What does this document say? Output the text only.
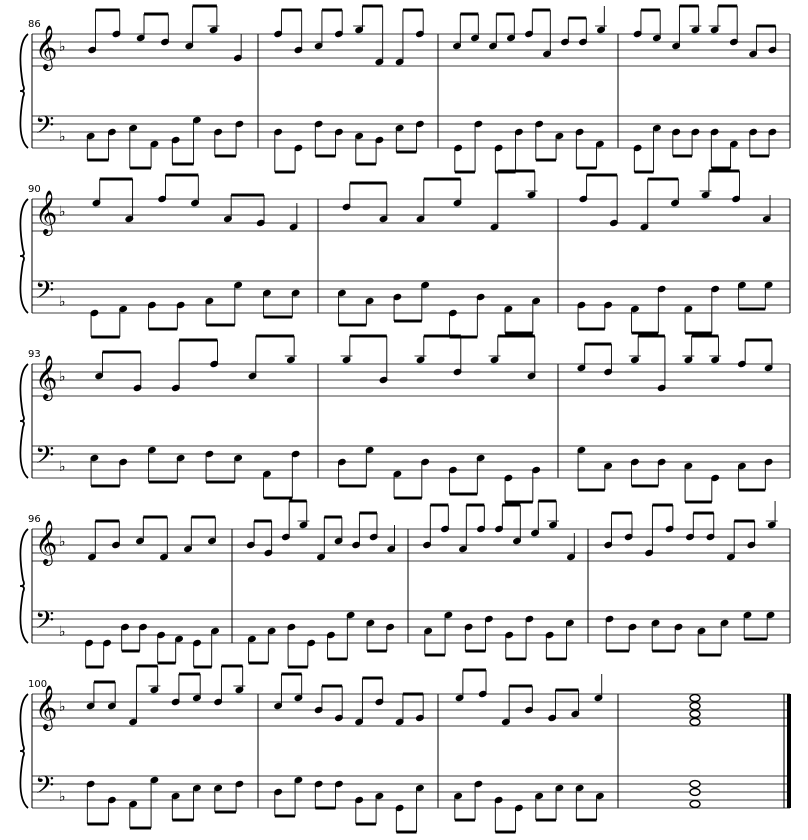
86
𝄞
𝄢
♭
♭
90
𝄞
𝄢
♭
♭
93
𝄞
𝄢
♭
♭
96
𝄞
𝄢
♭
♭
100
𝄞
𝄢
♭
♭
